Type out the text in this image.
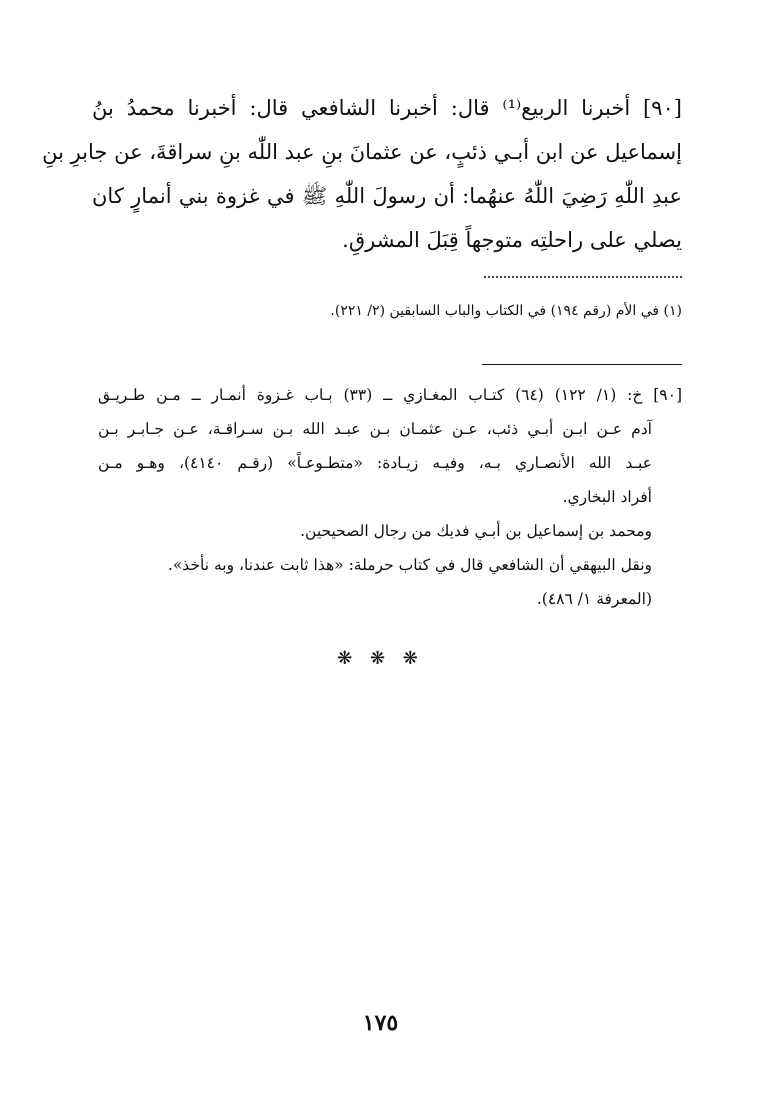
[٩٠] أخبرنا الربيع⁽¹⁾ قال: أخبرنا الشافعي قال: أخبرنا محمدُ بنُ
إسماعيل عن ابن أبـي ذئبٍ، عن عثمانَ بنِ عبد اللّٰه بنِ سراقةَ، عن جابرِ بنِ
عبدِ اللّٰهِ رَضِيَ اللّٰهُ عنهُما: أن رسولَ اللّٰهِ ﷺ في غزوة بني أنمارٍ كان
يصلي على راحلتِه متوجهاً قِبَلَ المشرقِ.
(١) في الأم (رقم ١٩٤) في الكتاب والباب السابقين (٢/ ٢٢١).
[٩٠] خ: (١/ ١٢٢) (٦٤) كتـاب المغـازي ــ (٣٣) بـاب غـزوة أنمـار ــ مـن طـريـق
آدم عـن ابـن أبـي ذئب، عـن عثمـان بـن عبـد الله بـن سـراقـة، عـن جـابـر بـن
عبـد الله الأنصـاري بـه، وفيـه زيـادة: «متطـوعـاً» (رقـم ٤١٤٠)، وهـو مـن
أفراد البخاري.
ومحمد بن إسماعيل بن أبـي فديك من رجال الصحيحين.
ونقل البيهقي أن الشافعي قال في كتاب حرملة: «هذا ثابت عندنا، وبه نأخذ».
(المعرفة ١/ ٤٨٦).
❋ ❋ ❋
١٧٥
